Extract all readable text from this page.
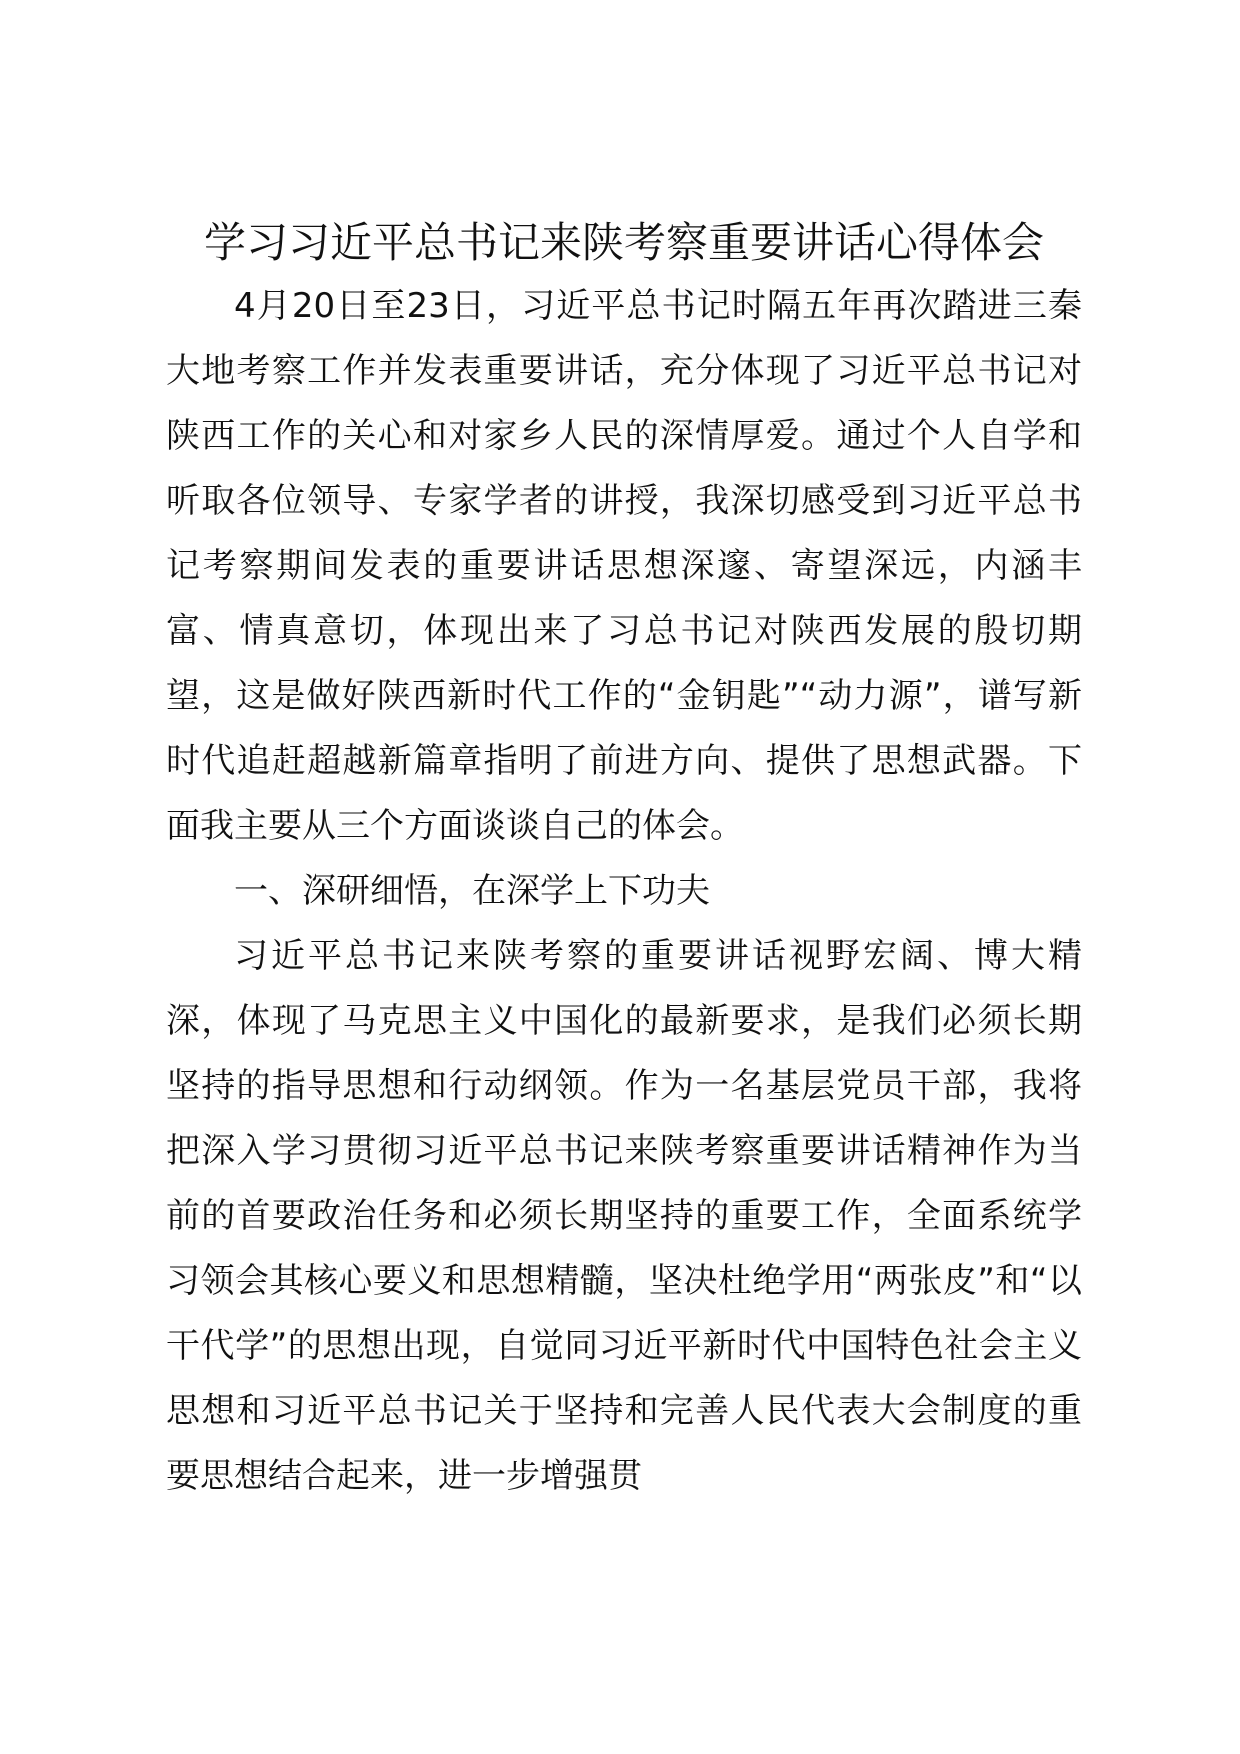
学习习近平总书记来陕考察重要讲话心得体会

4月20日至23日，习近平总书记时隔五年再次踏进三秦大地考察工作并发表重要讲话，充分体现了习近平总书记对陕西工作的关心和对家乡人民的深情厚爱。通过个人自学和听取各位领导、专家学者的讲授，我深切感受到习近平总书记考察期间发表的重要讲话思想深邃、寄望深远，内涵丰富、情真意切，体现出来了习总书记对陕西发展的殷切期望，这是做好陕西新时代工作的“金钥匙”“动力源”，谱写新时代追赶超越新篇章指明了前进方向、提供了思想武器。下面我主要从三个方面谈谈自己的体会。

一、深研细悟，在深学上下功夫

习近平总书记来陕考察的重要讲话视野宏阔、博大精深，体现了马克思主义中国化的最新要求，是我们必须长期坚持的指导思想和行动纲领。作为一名基层党员干部，我将把深入学习贯彻习近平总书记来陕考察重要讲话精神作为当前的首要政治任务和必须长期坚持的重要工作，全面系统学习领会其核心要义和思想精髓，坚决杜绝学用“两张皮”和“以干代学”的思想出现，自觉同习近平新时代中国特色社会主义思想和习近平总书记关于坚持和完善人民代表大会制度的重要思想结合起来，进一步增强贯
